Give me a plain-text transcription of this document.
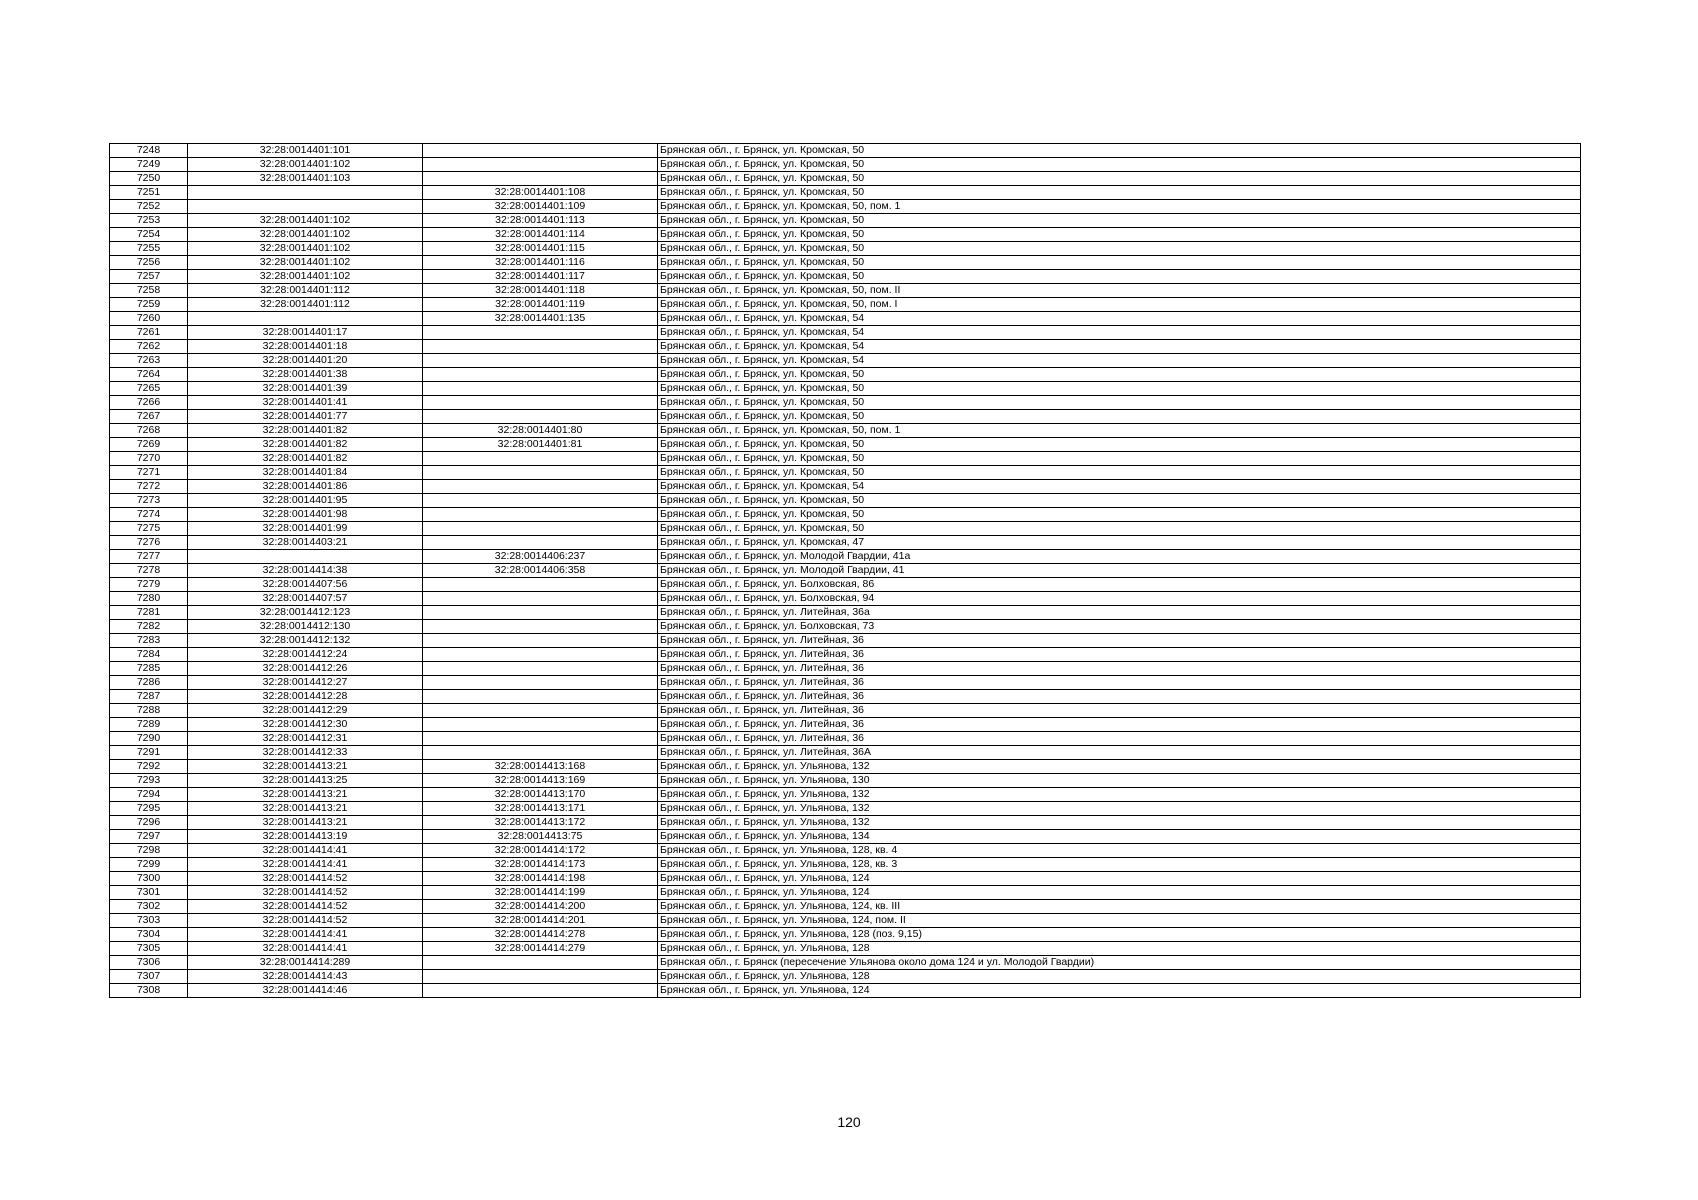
7248	32:28:0014401:101		Брянская обл., г. Брянск, ул. Кромская, 50
7249	32:28:0014401:102		Брянская обл., г. Брянск, ул. Кромская, 50
7250	32:28:0014401:103		Брянская обл., г. Брянск, ул. Кромская, 50
7251		32:28:0014401:108	Брянская обл., г. Брянск, ул. Кромская, 50
7252		32:28:0014401:109	Брянская обл., г. Брянск, ул. Кромская, 50, пом. 1
7253	32:28:0014401:102	32:28:0014401:113	Брянская обл., г. Брянск, ул. Кромская, 50
7254	32:28:0014401:102	32:28:0014401:114	Брянская обл., г. Брянск, ул. Кромская, 50
7255	32:28:0014401:102	32:28:0014401:115	Брянская обл., г. Брянск, ул. Кромская, 50
7256	32:28:0014401:102	32:28:0014401:116	Брянская обл., г. Брянск, ул. Кромская, 50
7257	32:28:0014401:102	32:28:0014401:117	Брянская обл., г. Брянск, ул. Кромская, 50
7258	32:28:0014401:112	32:28:0014401:118	Брянская обл., г. Брянск, ул. Кромская, 50, пом. II
7259	32:28:0014401:112	32:28:0014401:119	Брянская обл., г. Брянск, ул. Кромская, 50, пом. I
7260		32:28:0014401:135	Брянская обл., г. Брянск, ул. Кромская, 54
7261	32:28:0014401:17		Брянская обл., г. Брянск, ул. Кромская, 54
7262	32:28:0014401:18		Брянская обл., г. Брянск, ул. Кромская, 54
7263	32:28:0014401:20		Брянская обл., г. Брянск, ул. Кромская, 54
7264	32:28:0014401:38		Брянская обл., г. Брянск, ул. Кромская, 50
7265	32:28:0014401:39		Брянская обл., г. Брянск, ул. Кромская, 50
7266	32:28:0014401:41		Брянская обл., г. Брянск, ул. Кромская, 50
7267	32:28:0014401:77		Брянская обл., г. Брянск, ул. Кромская, 50
7268	32:28:0014401:82	32:28:0014401:80	Брянская обл., г. Брянск, ул. Кромская, 50, пом. 1
7269	32:28:0014401:82	32:28:0014401:81	Брянская обл., г. Брянск, ул. Кромская, 50
7270	32:28:0014401:82		Брянская обл., г. Брянск, ул. Кромская, 50
7271	32:28:0014401:84		Брянская обл., г. Брянск, ул. Кромская, 50
7272	32:28:0014401:86		Брянская обл., г. Брянск, ул. Кромская, 54
7273	32:28:0014401:95		Брянская обл., г. Брянск, ул. Кромская, 50
7274	32:28:0014401:98		Брянская обл., г. Брянск, ул. Кромская, 50
7275	32:28:0014401:99		Брянская обл., г. Брянск, ул. Кромская, 50
7276	32:28:0014403:21		Брянская обл., г. Брянск, ул. Кромская, 47
7277		32:28:0014406:237	Брянская обл., г. Брянск, ул. Молодой Гвардии, 41а
7278	32:28:0014414:38	32:28:0014406:358	Брянская обл., г. Брянск, ул. Молодой Гвардии, 41
7279	32:28:0014407:56		Брянская обл., г. Брянск, ул. Болховская, 86
7280	32:28:0014407:57		Брянская обл., г. Брянск, ул. Болховская, 94
7281	32:28:0014412:123		Брянская обл., г. Брянск, ул. Литейная, 36а
7282	32:28:0014412:130		Брянская обл., г. Брянск, ул. Болховская, 73
7283	32:28:0014412:132		Брянская обл., г. Брянск, ул. Литейная, 36
7284	32:28:0014412:24		Брянская обл., г. Брянск, ул. Литейная, 36
7285	32:28:0014412:26		Брянская обл., г. Брянск, ул. Литейная, 36
7286	32:28:0014412:27		Брянская обл., г. Брянск, ул. Литейная, 36
7287	32:28:0014412:28		Брянская обл., г. Брянск, ул. Литейная, 36
7288	32:28:0014412:29		Брянская обл., г. Брянск, ул. Литейная, 36
7289	32:28:0014412:30		Брянская обл., г. Брянск, ул. Литейная, 36
7290	32:28:0014412:31		Брянская обл., г. Брянск, ул. Литейная, 36
7291	32:28:0014412:33		Брянская обл., г. Брянск, ул. Литейная, 36А
7292	32:28:0014413:21	32:28:0014413:168	Брянская обл., г. Брянск, ул. Ульянова, 132
7293	32:28:0014413:25	32:28:0014413:169	Брянская обл., г. Брянск, ул. Ульянова, 130
7294	32:28:0014413:21	32:28:0014413:170	Брянская обл., г. Брянск, ул. Ульянова, 132
7295	32:28:0014413:21	32:28:0014413:171	Брянская обл., г. Брянск, ул. Ульянова, 132
7296	32:28:0014413:21	32:28:0014413:172	Брянская обл., г. Брянск, ул. Ульянова, 132
7297	32:28:0014413:19	32:28:0014413:75	Брянская обл., г. Брянск, ул. Ульянова, 134
7298	32:28:0014414:41	32:28:0014414:172	Брянская обл., г. Брянск, ул. Ульянова, 128, кв. 4
7299	32:28:0014414:41	32:28:0014414:173	Брянская обл., г. Брянск, ул. Ульянова, 128, кв. 3
7300	32:28:0014414:52	32:28:0014414:198	Брянская обл., г. Брянск, ул. Ульянова, 124
7301	32:28:0014414:52	32:28:0014414:199	Брянская обл., г. Брянск, ул. Ульянова, 124
7302	32:28:0014414:52	32:28:0014414:200	Брянская обл., г. Брянск, ул. Ульянова, 124, кв. III
7303	32:28:0014414:52	32:28:0014414:201	Брянская обл., г. Брянск, ул. Ульянова, 124, пом. II
7304	32:28:0014414:41	32:28:0014414:278	Брянская обл., г. Брянск, ул. Ульянова, 128 (поз. 9,15)
7305	32:28:0014414:41	32:28:0014414:279	Брянская обл., г. Брянск, ул. Ульянова, 128
7306	32:28:0014414:289		Брянская обл., г. Брянск (пересечение Ульянова около дома 124 и ул. Молодой Гвардии)
7307	32:28:0014414:43		Брянская обл., г. Брянск, ул. Ульянова, 128
7308	32:28:0014414:46		Брянская обл., г. Брянск, ул. Ульянова, 124
120
